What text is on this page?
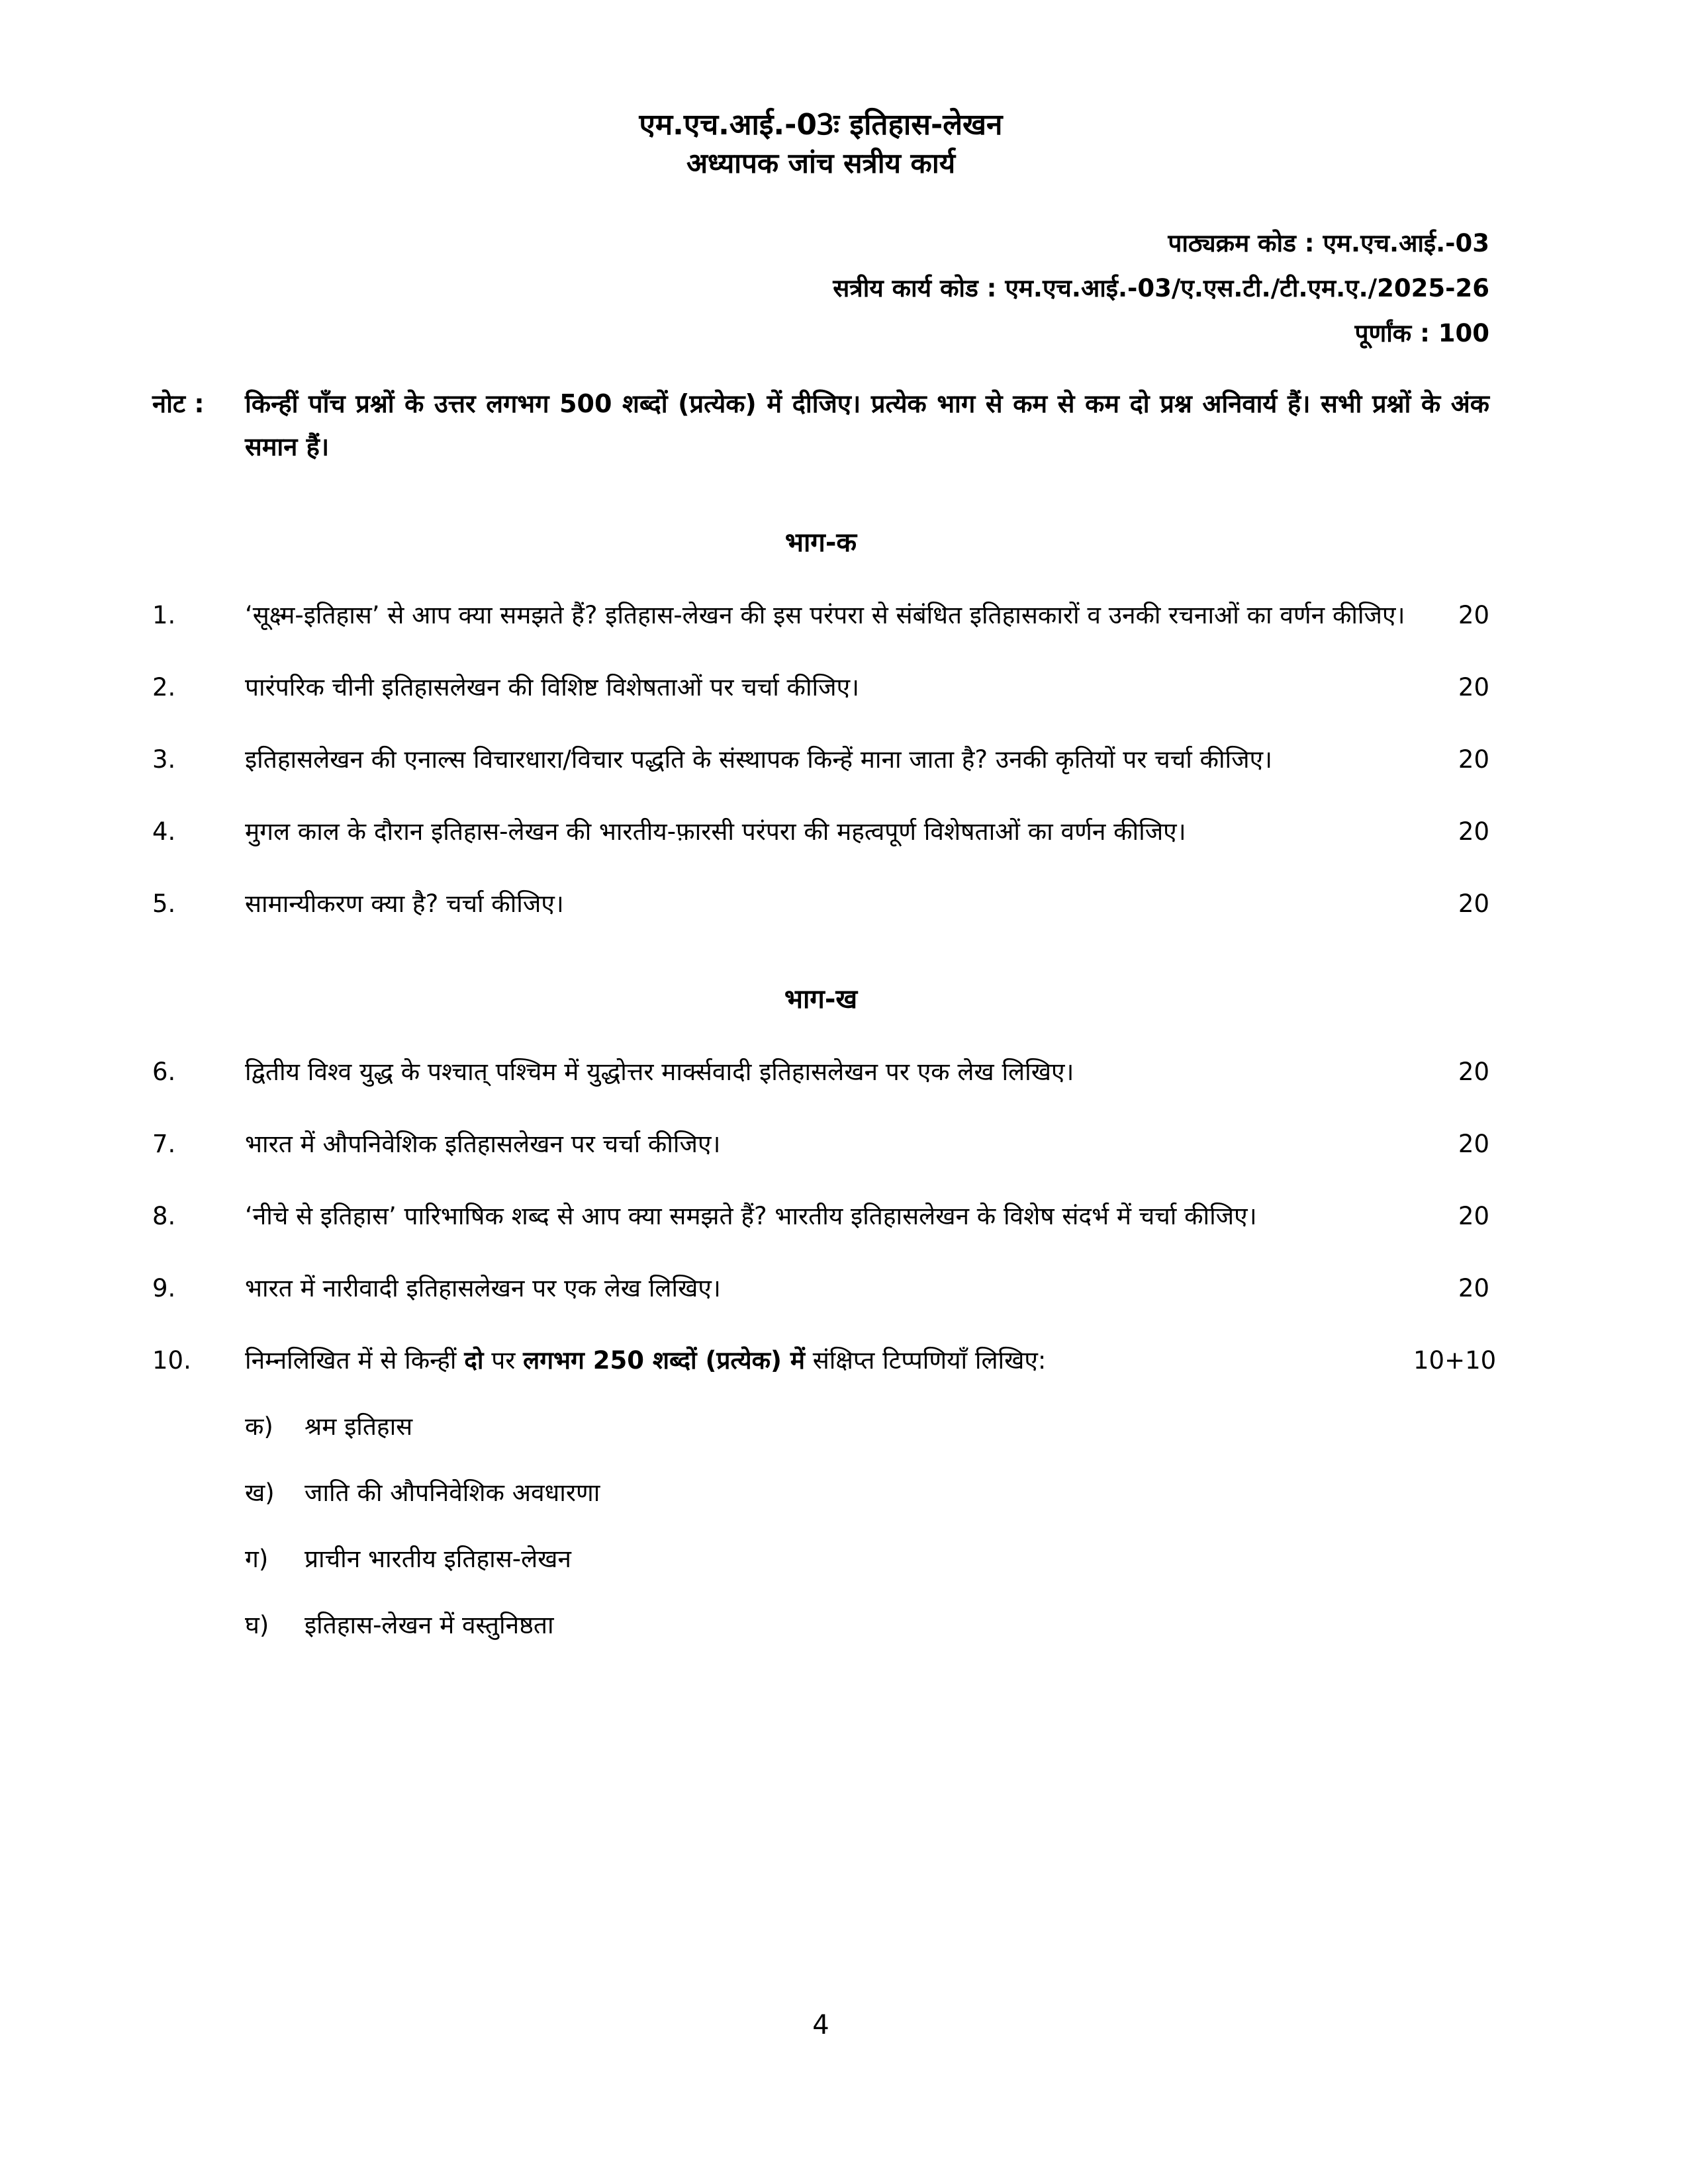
एम.एच.आई.-03ः इतिहास-लेखन
अध्यापक जांच सत्रीय कार्य
पाठ्यक्रम कोड : एम.एच.आई.-03
सत्रीय कार्य कोड : एम.एच.आई.-03/ए.एस.टी./टी.एम.ए./2025-26
पूर्णांक : 100
नोट :	किन्हीं पाँच प्रश्नों के उत्तर लगभग 500 शब्दों (प्रत्येक) में दीजिए। प्रत्येक भाग से कम से कम दो प्रश्न अनिवार्य हैं। सभी प्रश्नों के अंक समान हैं।
भाग-क
1.	‘सूक्ष्म-इतिहास’ से आप क्या समझते हैं? इतिहास-लेखन की इस परंपरा से संबंधित इतिहासकारों व उनकी रचनाओं का वर्णन कीजिए।	20
2.	पारंपरिक चीनी इतिहासलेखन की विशिष्ट विशेषताओं पर चर्चा कीजिए।	20
3.	इतिहासलेखन की एनाल्स विचारधारा/विचार पद्धति के संस्थापक किन्हें माना जाता है? उनकी कृतियों पर चर्चा कीजिए।	20
4.	मुगल काल के दौरान इतिहास-लेखन की भारतीय-फ़ारसी परंपरा की महत्वपूर्ण विशेषताओं का वर्णन कीजिए।	20
5.	सामान्यीकरण क्या है? चर्चा कीजिए।	20
भाग-ख
6.	द्वितीय विश्व युद्ध के पश्चात् पश्चिम में युद्धोत्तर मार्क्सवादी इतिहासलेखन पर एक लेख लिखिए।	20
7.	भारत में औपनिवेशिक इतिहासलेखन पर चर्चा कीजिए।	20
8.	‘नीचे से इतिहास’ पारिभाषिक शब्द से आप क्या समझते हैं? भारतीय इतिहासलेखन के विशेष संदर्भ में चर्चा कीजिए।	20
9.	भारत में नारीवादी इतिहासलेखन पर एक लेख लिखिए।	20
10.	निम्नलिखित में से किन्हीं दो पर लगभग 250 शब्दों (प्रत्येक) में संक्षिप्त टिप्पणियाँ लिखिए:	10+10
क)	श्रम इतिहास
ख)	जाति की औपनिवेशिक अवधारणा
ग)	प्राचीन भारतीय इतिहास-लेखन
घ)	इतिहास-लेखन में वस्तुनिष्ठता
4
